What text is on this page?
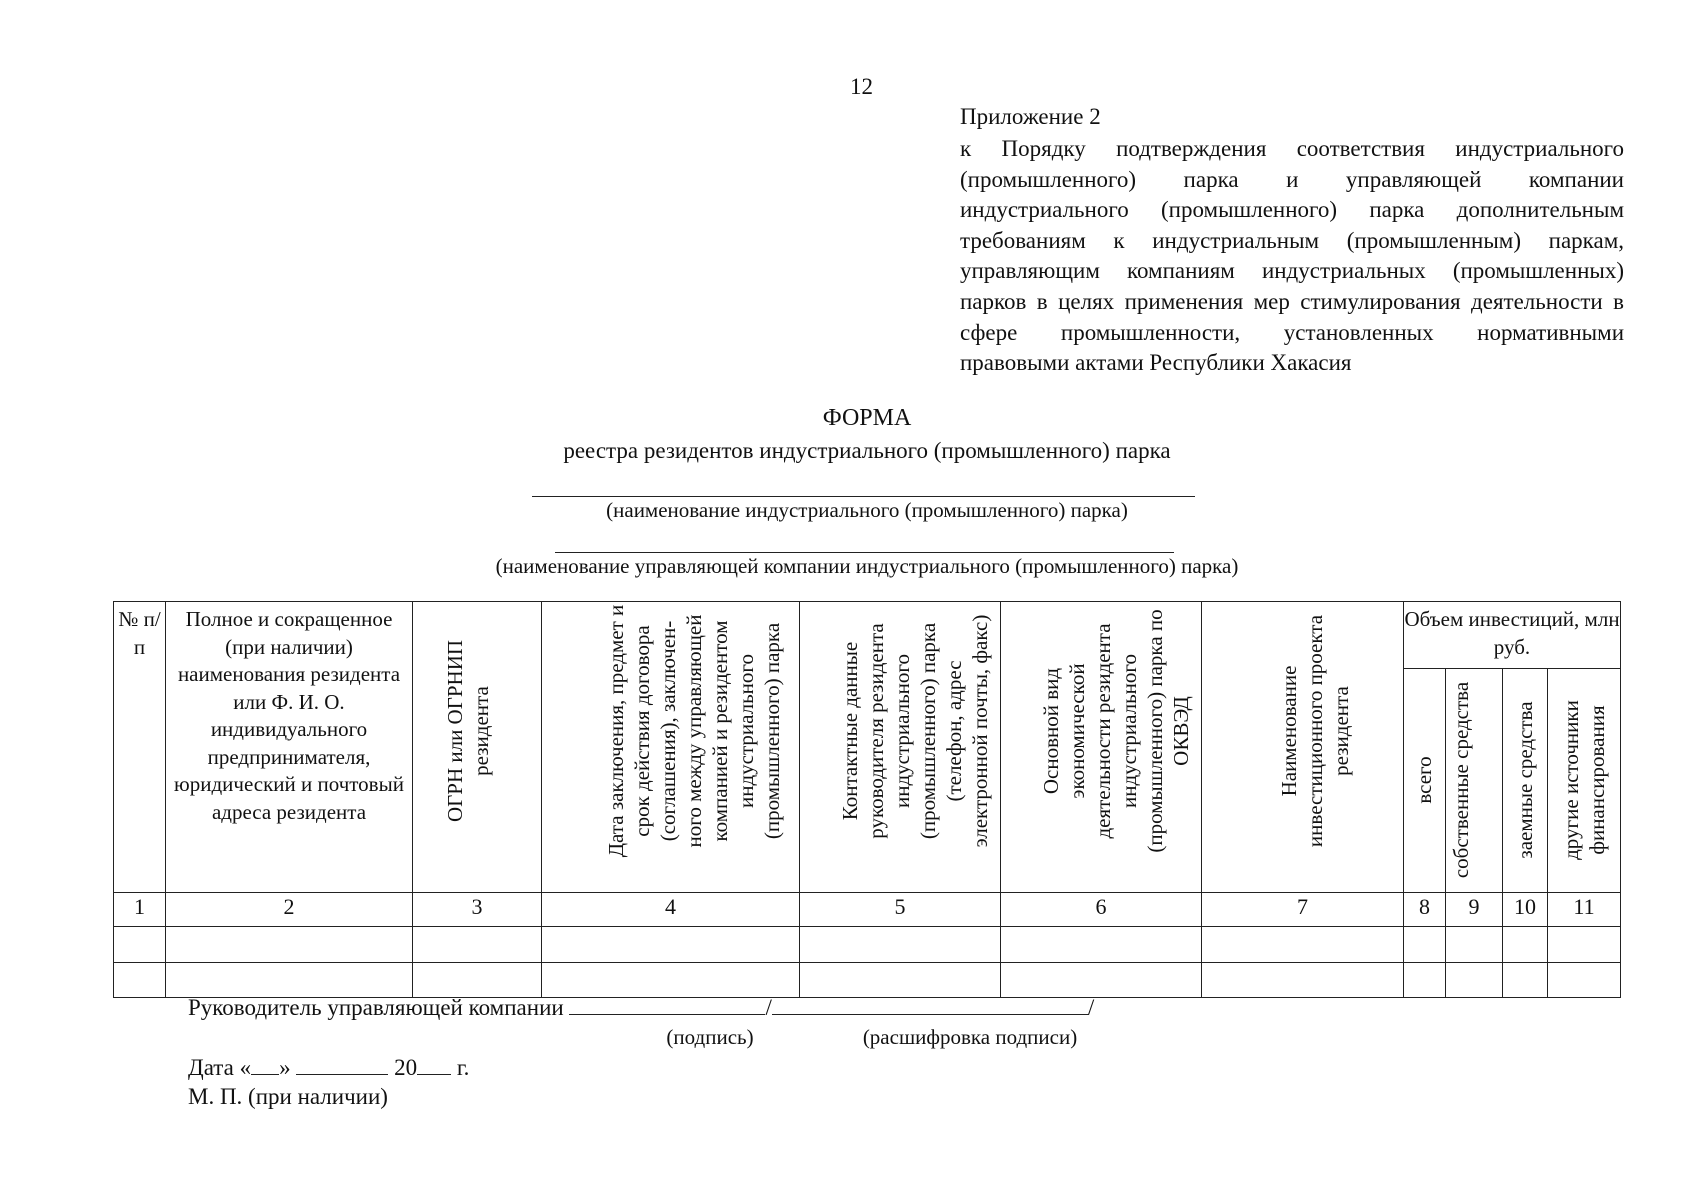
12
Приложение 2
к Порядку подтверждения соответствия индустриального (промышленного) парка и управляющей компании индустриального (промышленного) парка дополнительным требованиям к индустриальным (промышленным) паркам, управляющим компаниям индустриальных (промышленных) парков в целях применения мер стимулирования деятельности в сфере промышленности, установленных нормативными правовыми актами Республики Хакасия
ФОРМА
реестра резидентов индустриального (промышленного) парка
(наименование индустриального (промышленного) парка)
(наименование управляющей компании индустриального (промышленного) парка)
№ п/п	Полное и сокращенное (при наличии) наименования резидента или Ф. И. О. индивидуального предпринимателя, юридический и почтовый адреса резидента	ОГРН или ОГРНИП резидента	Дата заключения, предмет и срок действия договора (соглашения), заключен-ного между управляющей компанией и резидентом индустриального (промышленного) парка	Контактные данные руководителя резидента индустриального (промышленного) парка (телефон, адрес электронной почты, факс)	Основной вид экономической деятельности резидента индустриального (промышленного) парка по ОКВЭД	Наименование инвестиционного проекта резидента	Объем инвестиций, млн руб.			

							всего	собственные средства	заемные средства	другие источники финансирования

1	2	3	4	5	6	7	8	9	10	11

Руководитель управляющей компании	/	/
(подпись)	(расшифровка подписи)
Дата « »	20 г.
М. П. (при наличии)
